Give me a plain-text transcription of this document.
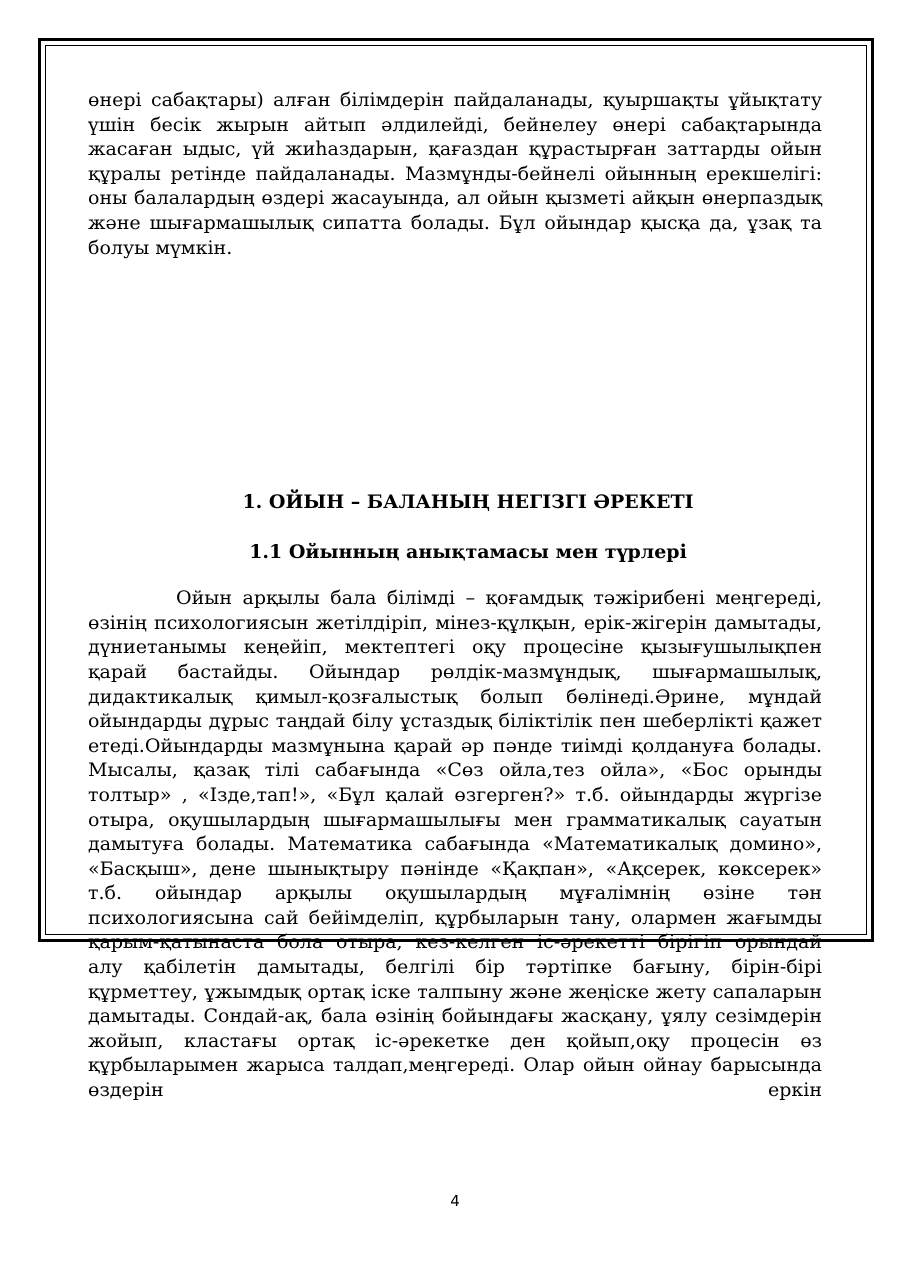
өнері сабақтары) алған білімдерін пайдаланады, қуыршақты ұйықтату үшін бесік жырын айтып әлдилейді, бейнелеу өнері сабақтарында жасаған ыдыс, үй жиһаздарын, қағаздан құрастырған заттарды ойын құралы ретінде пайдаланады. Мазмұнды-бейнелі ойынның ерекшелігі: оны балалардың өздері жасауында, ал ойын қызметі айқын өнерпаздық және шығармашылық сипатта болады. Бұл ойындар қысқа да, ұзақ та болуы мүмкін.

1. ОЙЫН – БАЛАНЫҢ НЕГІЗГІ ӘРЕКЕТІ
1.1 Ойынның анықтамасы мен түрлері

Ойын арқылы бала білімді – қоғамдық тәжірибені меңгереді, өзінің психологиясын жетілдіріп, мінез-құлқын, ерік-жігерін дамытады, дүниетанымы кеңейіп, мектептегі оқу процесіне қызығушылықпен қарай бастайды. Ойындар рөлдік-мазмұндық, шығармашылық, дидактикалық қимыл-қозғалыстық болып бөлінеді.Әрине, мұндай ойындарды дұрыс таңдай білу ұстаздық біліктілік пен шеберлікті қажет етеді.Ойындарды мазмұнына қарай әр пәнде тиімді қолдануға болады. Мысалы, қазақ тілі сабағында «Сөз ойла,тез ойла», «Бос орынды толтыр» , «Ізде,тап!», «Бұл қалай өзгерген?» т.б. ойындарды жүргізе отыра, оқушылардың шығармашылығы мен грамматикалық сауатын дамытуға болады. Математика сабағында «Математикалық домино», «Басқыш», дене шынықтыру пәнінде «Қақпан», «Ақсерек, көксерек» т.б. ойындар арқылы оқушылардың мұғалімнің өзіне тән психологиясына сай бейімделіп, құрбыларын тану, олармен жағымды қарым-қатынаста бола отыра, кез-келген іс-әрекетті бірігіп орындай алу қабілетін дамытады, белгілі бір тәртіпке бағыну, бірін-бірі құрметтеу, ұжымдық ортақ іске талпыну және жеңіске жету сапаларын дамытады. Сондай-ақ, бала өзінің бойындағы жасқану, ұялу сезімдерін жойып, кластағы ортақ іс-әрекетке ден қойып,оқу процесін өз құрбыларымен жарыса талдап,меңгереді. Олар ойын ойнау барысында өздерін еркін

4
